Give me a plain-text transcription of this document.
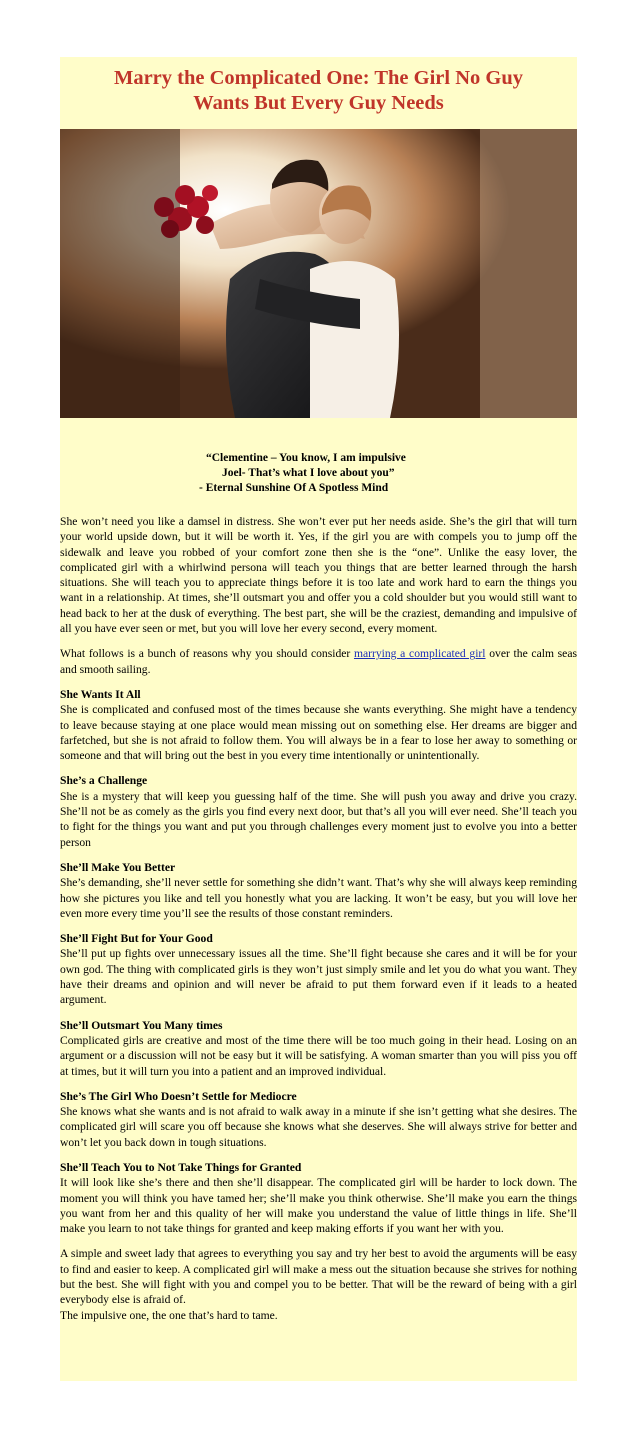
Marry the Complicated One: The Girl No Guy
Wants But Every Guy Needs
“Clementine – You know, I am impulsive
Joel- That’s what I love about you”
- Eternal Sunshine Of A Spotless Mind

She won’t need you like a damsel in distress. She won’t ever put her needs aside. She’s the girl that will turn your world upside down, but it will be worth it. Yes, if the girl you are with compels you to jump off the sidewalk and leave you robbed of your comfort zone then she is the “one”. Unlike the easy lover, the complicated girl with a whirlwind persona will teach you things that are better learned through the harsh situations. She will teach you to appreciate things before it is too late and work hard to earn the things you want in a relationship. At times, she’ll outsmart you and offer you a cold shoulder but you would still want to head back to her at the dusk of everything. The best part, she will be the craziest, demanding and impulsive of all you have ever seen or met, but you will love her every second, every moment.

What follows is a bunch of reasons why you should consider marrying a complicated girl over the calm seas and smooth sailing.

She Wants It All
She is complicated and confused most of the times because she wants everything. She might have a tendency to leave because staying at one place would mean missing out on something else. Her dreams are bigger and farfetched, but she is not afraid to follow them. You will always be in a fear to lose her away to something or someone and that will bring out the best in you every time intentionally or unintentionally.

She’s a Challenge
She is a mystery that will keep you guessing half of the time. She will push you away and drive you crazy. She’ll not be as comely as the girls you find every next door, but that’s all you will ever need. She’ll teach you to fight for the things you want and put you through challenges every moment just to evolve you into a better person

She’ll Make You Better
She’s demanding, she’ll never settle for something she didn’t want. That’s why she will always keep reminding how she pictures you like and tell you honestly what you are lacking. It won’t be easy, but you will love her even more every time you’ll see the results of those constant reminders.

She’ll Fight But for Your Good
She’ll put up fights over unnecessary issues all the time. She’ll fight because she cares and it will be for your own god. The thing with complicated girls is they won’t just simply smile and let you do what you want. They have their dreams and opinion and will never be afraid to put them forward even if it leads to a heated argument.

She’ll Outsmart You Many times
Complicated girls are creative and most of the time there will be too much going in their head. Losing on an argument or a discussion will not be easy but it will be satisfying. A woman smarter than you will piss you off at times, but it will turn you into a patient and an improved individual.

She’s The Girl Who Doesn’t Settle for Mediocre
She knows what she wants and is not afraid to walk away in a minute if she isn’t getting what she desires. The complicated girl will scare you off because she knows what she deserves. She will always strive for better and won’t let you back down in tough situations.

She’ll Teach You to Not Take Things for Granted
It will look like she’s there and then she’ll disappear. The complicated girl will be harder to lock down. The moment you will think you have tamed her; she’ll make you think otherwise. She’ll make you earn the things you want from her and this quality of her will make you understand the value of little things in life. She’ll make you learn to not take things for granted and keep making efforts if you want her with you.

A simple and sweet lady that agrees to everything you say and try her best to avoid the arguments will be easy to find and easier to keep. A complicated girl will make a mess out the situation because she strives for nothing but the best. She will fight with you and compel you to be better. That will be the reward of being with a girl everybody else is afraid of.
The impulsive one, the one that’s hard to tame.
